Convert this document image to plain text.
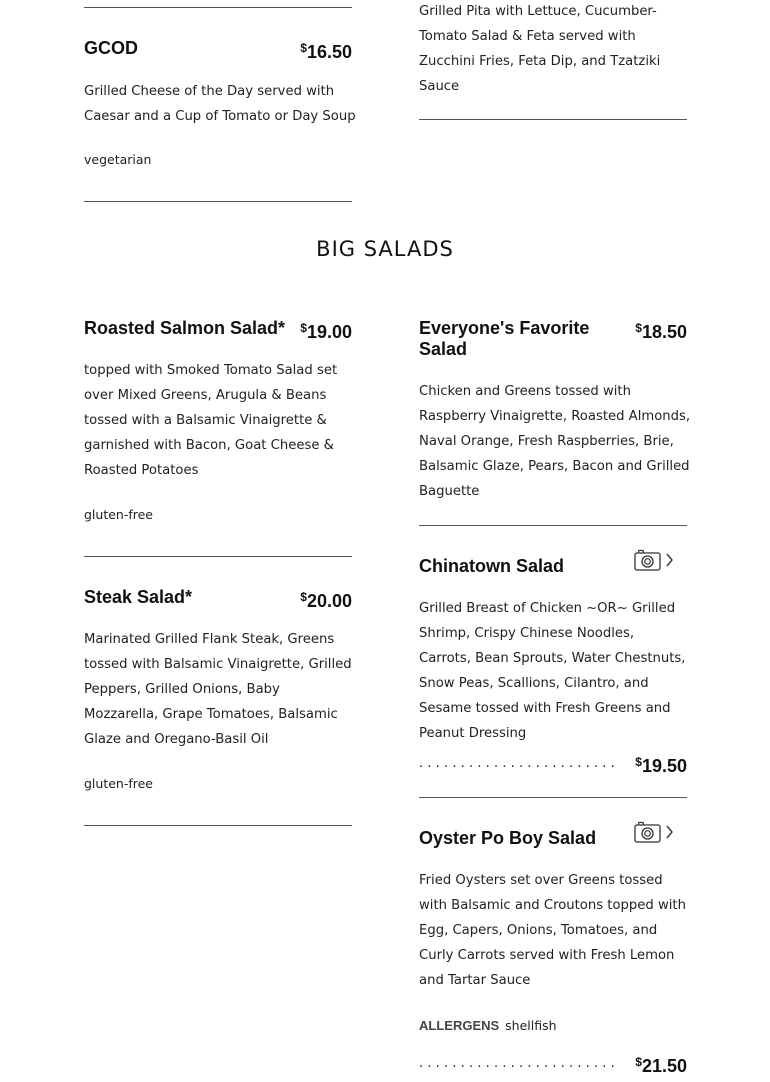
GCOD	$16.50
Grilled Cheese of the Day served with Caesar and a Cup of Tomato or Day Soup
vegetarian
Grilled Pita with Lettuce, Cucumber-Tomato Salad & Feta served with Zucchini Fries, Feta Dip, and Tzatziki Sauce
BIG SALADS
Roasted Salmon Salad*	$19.00
topped with Smoked Tomato Salad set over Mixed Greens, Arugula & Beans tossed with a Balsamic Vinaigrette & garnished with Bacon, Goat Cheese & Roasted Potatoes
gluten-free
Steak Salad*	$20.00
Marinated Grilled Flank Steak, Greens tossed with Balsamic Vinaigrette, Grilled Peppers, Grilled Onions, Baby Mozzarella, Grape Tomatoes, Balsamic Glaze and Oregano-Basil Oil
gluten-free
Everyone's Favorite Salad
$18.50
Chicken and Greens tossed with Raspberry Vinaigrette, Roasted Almonds, Naval Orange, Fresh Raspberries, Brie, Balsamic Glaze, Pears, Bacon and Grilled Baguette
Chinatown Salad
Grilled Breast of Chicken ~OR~ Grilled Shrimp, Crispy Chinese Noodles, Carrots, Bean Sprouts, Water Chestnuts, Snow Peas, Scallions, Cilantro, and Sesame tossed with Fresh Greens and Peanut Dressing
........................	$19.50
Oyster Po Boy Salad
Fried Oysters set over Greens tossed with Balsamic and Croutons topped with Egg, Capers, Onions, Tomatoes, and Curly Carrots served with Fresh Lemon and Tartar Sauce
ALLERGENS shellfish
........................	$21.50
